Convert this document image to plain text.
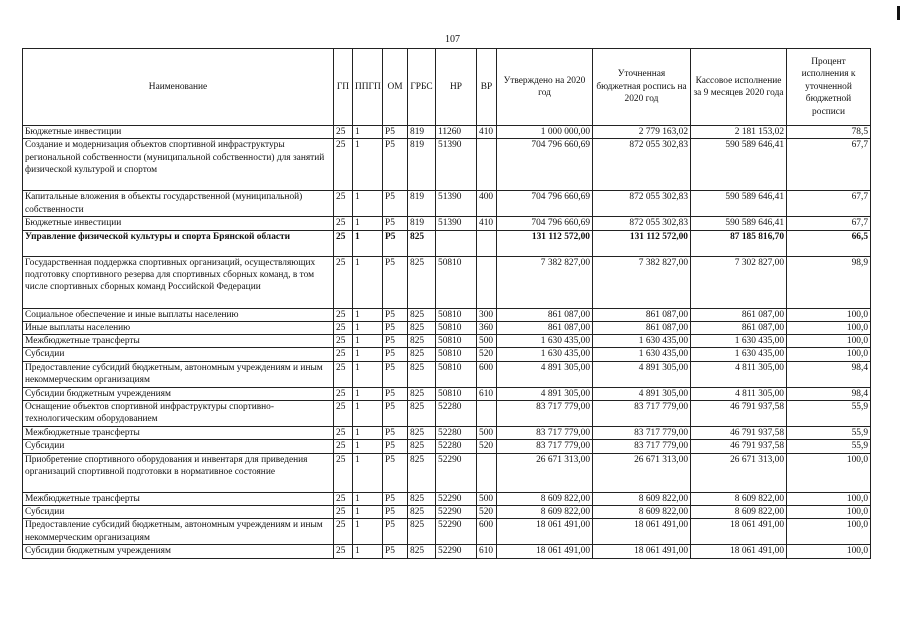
107
Наименование	ГП	ППГП	ОМ	ГРБС	НР	ВР	Утверждено на 2020 год	Уточненная бюджетная роспись на 2020 год	Кассовое исполнение за 9 месяцев 2020 года	Процент исполнения к уточненной бюджетной росписи
Бюджетные инвестиции	25	1	P5	819	11260	410	1 000 000,00	2 779 163,02	2 181 153,02	78,5
Создание и модернизация объектов спортивной инфраструктуры региональной собственности (муниципальной собственности) для занятий физической культурой и спортом	25	1	P5	819	51390		704 796 660,69	872 055 302,83	590 589 646,41	67,7
Капитальные вложения в объекты государственной (муниципальной) собственности	25	1	P5	819	51390	400	704 796 660,69	872 055 302,83	590 589 646,41	67,7
Бюджетные инвестиции	25	1	P5	819	51390	410	704 796 660,69	872 055 302,83	590 589 646,41	67,7
Управление физической культуры и спорта Брянской области	25	1	P5	825			131 112 572,00	131 112 572,00	87 185 816,70	66,5
Государственная поддержка спортивных организаций, осуществляющих подготовку спортивного резерва для спортивных сборных команд, в том числе спортивных сборных команд Российской Федерации	25	1	P5	825	50810		7 382 827,00	7 382 827,00	7 302 827,00	98,9
Социальное обеспечение и иные выплаты населению	25	1	P5	825	50810	300	861 087,00	861 087,00	861 087,00	100,0
Иные выплаты населению	25	1	P5	825	50810	360	861 087,00	861 087,00	861 087,00	100,0
Межбюджетные трансферты	25	1	P5	825	50810	500	1 630 435,00	1 630 435,00	1 630 435,00	100,0
Субсидии	25	1	P5	825	50810	520	1 630 435,00	1 630 435,00	1 630 435,00	100,0
Предоставление субсидий бюджетным, автономным учреждениям и иным некоммерческим организациям	25	1	P5	825	50810	600	4 891 305,00	4 891 305,00	4 811 305,00	98,4
Субсидии бюджетным учреждениям	25	1	P5	825	50810	610	4 891 305,00	4 891 305,00	4 811 305,00	98,4
Оснащение объектов спортивной инфраструктуры спортивно-технологическим оборудованием	25	1	P5	825	52280		83 717 779,00	83 717 779,00	46 791 937,58	55,9
Межбюджетные трансферты	25	1	P5	825	52280	500	83 717 779,00	83 717 779,00	46 791 937,58	55,9
Субсидии	25	1	P5	825	52280	520	83 717 779,00	83 717 779,00	46 791 937,58	55,9
Приобретение спортивного оборудования и инвентаря для приведения организаций спортивной подготовки в нормативное состояние	25	1	P5	825	52290		26 671 313,00	26 671 313,00	26 671 313,00	100,0
Межбюджетные трансферты	25	1	P5	825	52290	500	8 609 822,00	8 609 822,00	8 609 822,00	100,0
Субсидии	25	1	P5	825	52290	520	8 609 822,00	8 609 822,00	8 609 822,00	100,0
Предоставление субсидий бюджетным, автономным учреждениям и иным некоммерческим организациям	25	1	P5	825	52290	600	18 061 491,00	18 061 491,00	18 061 491,00	100,0
Субсидии бюджетным учреждениям	25	1	P5	825	52290	610	18 061 491,00	18 061 491,00	18 061 491,00	100,0
